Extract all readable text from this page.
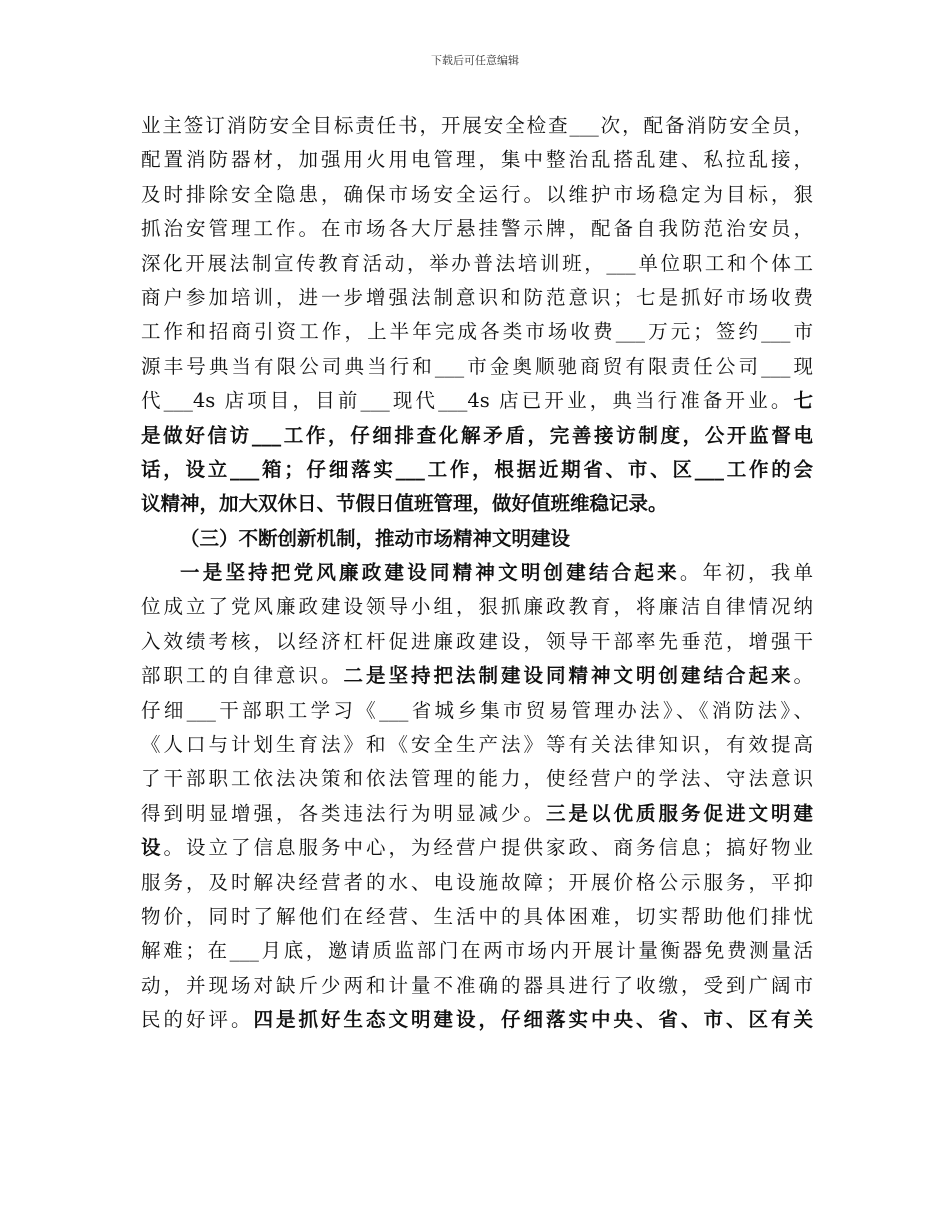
下载后可任意编辑
业主签订消防安全目标责任书，开展安全检查___次，配备消防安全员，
配置消防器材，加强用火用电管理，集中整治乱搭乱建、私拉乱接，
及时排除安全隐患，确保市场安全运行。以维护市场稳定为目标，狠
抓治安管理工作。在市场各大厅悬挂警示牌，配备自我防范治安员，
深化开展法制宣传教育活动，举办普法培训班，___单位职工和个体工
商户参加培训，进一步增强法制意识和防范意识；七是抓好市场收费
工作和招商引资工作，上半年完成各类市场收费___万元；签约___市
源丰号典当有限公司典当行和___市金奥顺驰商贸有限责任公司___现
代___4s 店项目，目前___现代___4s 店已开业，典当行准备开业。七
是做好信访___工作，仔细排查化解矛盾，完善接访制度，公开监督电
话，设立___箱；仔细落实___工作，根据近期省、市、区___工作的会
议精神，加大双休日、节假日值班管理，做好值班维稳记录。
（三）不断创新机制，推动市场精神文明建设
一是坚持把党风廉政建设同精神文明创建结合起来。年初，我单
位成立了党风廉政建设领导小组，狠抓廉政教育，将廉洁自律情况纳
入效绩考核，以经济杠杆促进廉政建设，领导干部率先垂范，增强干
部职工的自律意识。二是坚持把法制建设同精神文明创建结合起来。
仔细___干部职工学习《___省城乡集市贸易管理办法》、《消防法》、
《人口与计划生育法》和《安全生产法》等有关法律知识，有效提高
了干部职工依法决策和依法管理的能力，使经营户的学法、守法意识
得到明显增强，各类违法行为明显减少。三是以优质服务促进文明建
设。设立了信息服务中心，为经营户提供家政、商务信息；搞好物业
服务，及时解决经营者的水、电设施故障；开展价格公示服务，平抑
物价，同时了解他们在经营、生活中的具体困难，切实帮助他们排忧
解难；在___月底，邀请质监部门在两市场内开展计量衡器免费测量活
动，并现场对缺斤少两和计量不准确的器具进行了收缴，受到广阔市
民的好评。四是抓好生态文明建设，仔细落实中央、省、市、区有关
